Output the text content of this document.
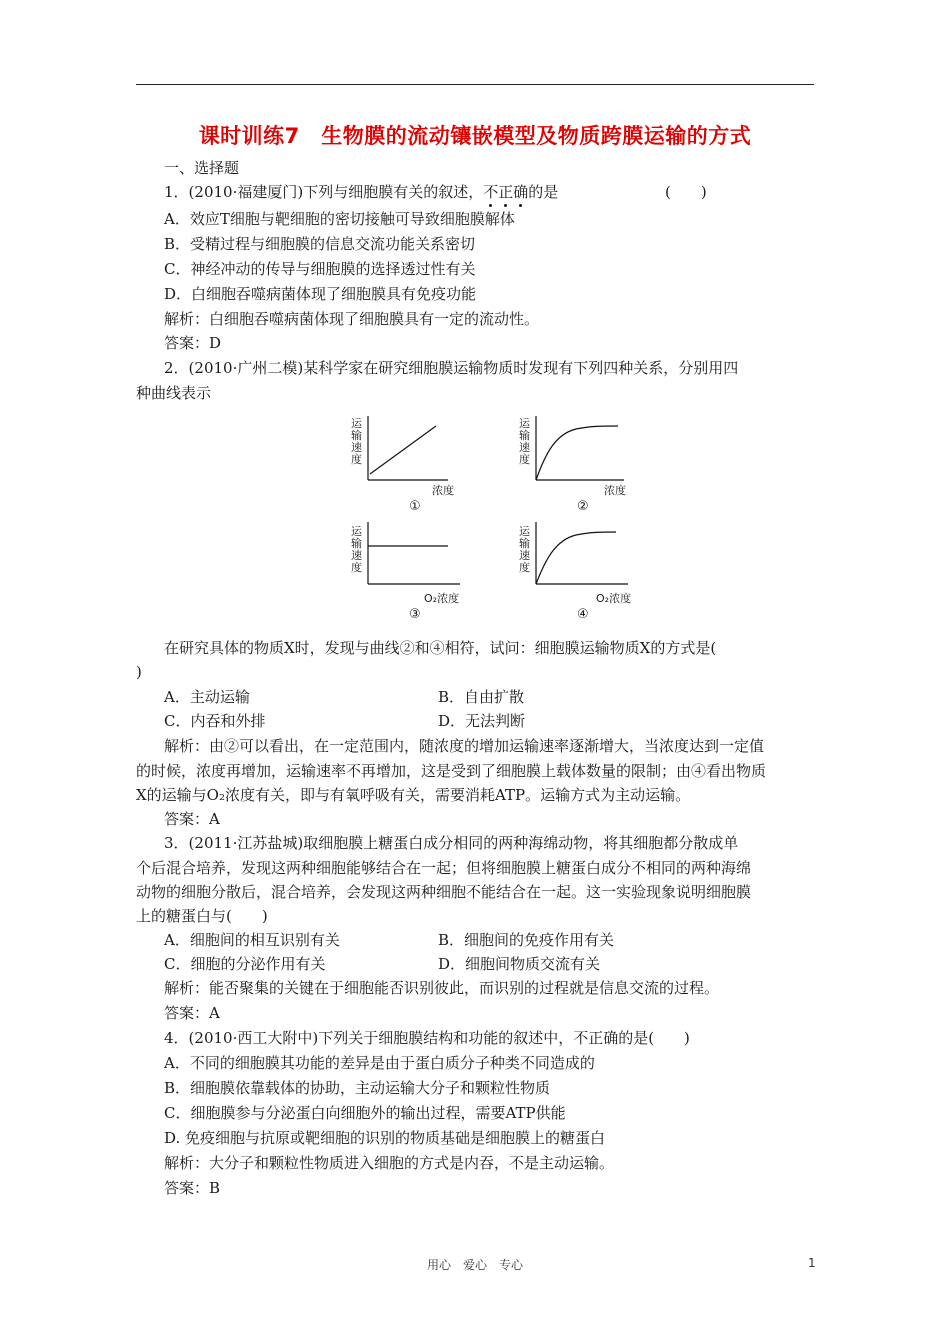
课时训练7　生物膜的流动镶嵌模型及物质跨膜运输的方式
一、选择题
1．(2010·福建厦门)下列与细胞膜有关的叙述，不正确的是	(　　)
A．效应T细胞与靶细胞的密切接触可导致细胞膜解体
B．受精过程与细胞膜的信息交流功能关系密切
C．神经冲动的传导与细胞膜的选择透过性有关
D．白细胞吞噬病菌体现了细胞膜具有免疫功能
解析：白细胞吞噬病菌体现了细胞膜具有一定的流动性。
答案：D
2．(2010·广州二模)某科学家在研究细胞膜运输物质时发现有下列四种关系，分别用四
种曲线表示
运输速度
浓度
①
运输速度
浓度
②
运输速度
O₂浓度
③
运输速度
O₂浓度
④
在研究具体的物质X时，发现与曲线②和④相符，试问：细胞膜运输物质X的方式是(
)
A．主动运输	B．自由扩散
C．内吞和外排	D．无法判断
解析：由②可以看出，在一定范围内，随浓度的增加运输速率逐渐增大，当浓度达到一定值
的时候，浓度再增加，运输速率不再增加，这是受到了细胞膜上载体数量的限制；由④看出物质
X的运输与O₂浓度有关，即与有氧呼吸有关，需要消耗ATP。运输方式为主动运输。
答案：A
3．(2011·江苏盐城)取细胞膜上糖蛋白成分相同的两种海绵动物，将其细胞都分散成单
个后混合培养，发现这两种细胞能够结合在一起；但将细胞膜上糖蛋白成分不相同的两种海绵
动物的细胞分散后，混合培养，会发现这两种细胞不能结合在一起。这一实验现象说明细胞膜
上的糖蛋白与(　　)
A．细胞间的相互识别有关	B．细胞间的免疫作用有关
C．细胞的分泌作用有关	D．细胞间物质交流有关
解析：能否聚集的关键在于细胞能否识别彼此，而识别的过程就是信息交流的过程。
答案：A
4．(2010·西工大附中)下列关于细胞膜结构和功能的叙述中，不正确的是(　　)
A．不同的细胞膜其功能的差异是由于蛋白质分子种类不同造成的
B．细胞膜依靠载体的协助，主动运输大分子和颗粒性物质
C．细胞膜参与分泌蛋白向细胞外的输出过程，需要ATP供能
D. 免疫细胞与抗原或靶细胞的识别的物质基础是细胞膜上的糖蛋白
解析：大分子和颗粒性物质进入细胞的方式是内吞，不是主动运输。
答案：B
用心　爱心　专心	1
